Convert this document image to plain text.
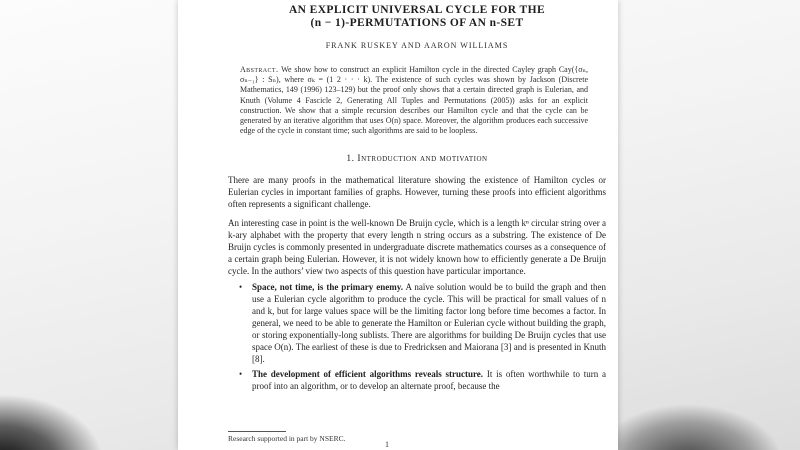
AN EXPLICIT UNIVERSAL CYCLE FOR THE
(n − 1)-PERMUTATIONS OF AN n-SET
FRANK RUSKEY AND AARON WILLIAMS
Abstract. We show how to construct an explicit Hamilton cycle in the directed Cayley graph Cay({σₙ, σₙ₋₁} : Sₙ), where σₖ = (1 2 · · · k). The existence of such cycles was shown by Jackson (Discrete Mathematics, 149 (1996) 123–129) but the proof only shows that a certain directed graph is Eulerian, and Knuth (Volume 4 Fascicle 2, Generating All Tuples and Permutations (2005)) asks for an explicit construction. We show that a simple recursion describes our Hamilton cycle and that the cycle can be generated by an iterative algorithm that uses O(n) space. Moreover, the algorithm produces each successive edge of the cycle in constant time; such algorithms are said to be loopless.
1. Introduction and motivation
There are many proofs in the mathematical literature showing the existence of Hamilton cycles or Eulerian cycles in important families of graphs. However, turning these proofs into efficient algorithms often represents a significant challenge.
An interesting case in point is the well-known De Bruijn cycle, which is a length kⁿ circular string over a k-ary alphabet with the property that every length n string occurs as a substring. The existence of De Bruijn cycles is commonly presented in undergraduate discrete mathematics courses as a consequence of a certain graph being Eulerian. However, it is not widely known how to efficiently generate a De Bruijn cycle. In the authors’ view two aspects of this question have particular importance.
• Space, not time, is the primary enemy. A naïve solution would be to build the graph and then use a Eulerian cycle algorithm to produce the cycle. This will be practical for small values of n and k, but for large values space will be the limiting factor long before time becomes a factor. In general, we need to be able to generate the Hamilton or Eulerian cycle without building the graph, or storing exponentially-long sublists. There are algorithms for building De Bruijn cycles that use space O(n). The earliest of these is due to Fredricksen and Maiorana [3] and is presented in Knuth [8].
• The development of efficient algorithms reveals structure. It is often worthwhile to turn a proof into an algorithm, or to develop an alternate proof, because the
Research supported in part by NSERC.
1
